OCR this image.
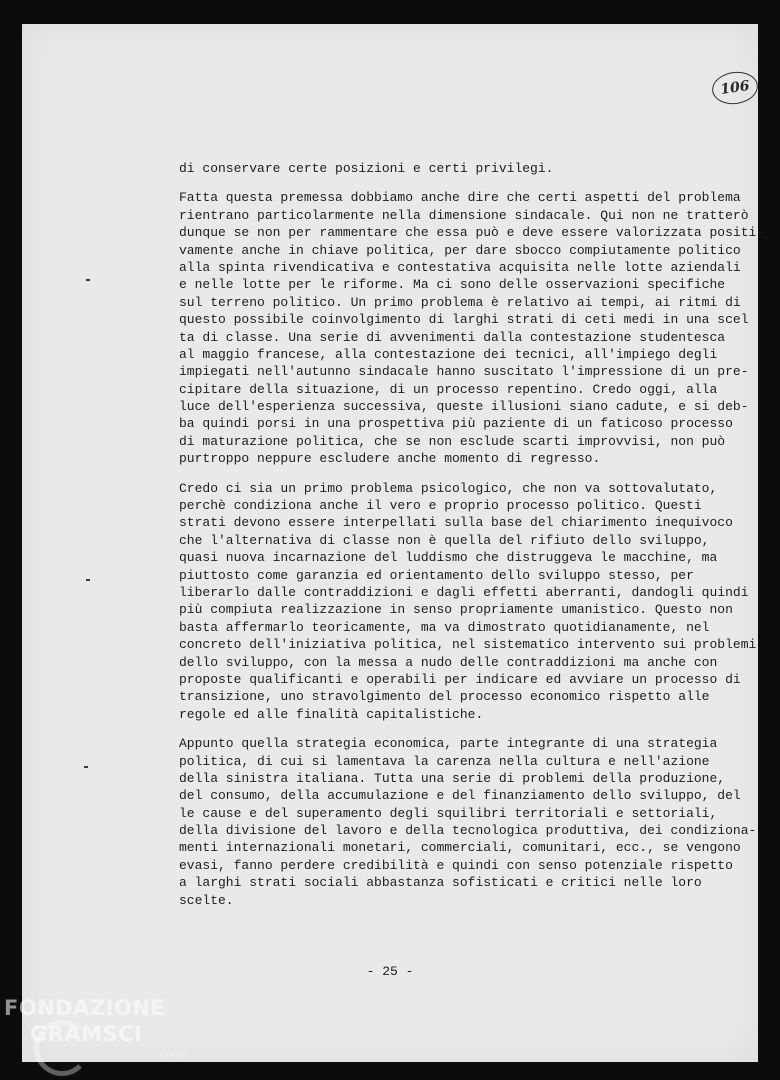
106
di conservare certe posizioni e certi privilegi.
Fatta questa premessa dobbiamo anche dire che certi aspetti del problema
rientrano particolarmente nella dimensione sindacale. Qui non ne tratterò
dunque se non per rammentare che essa può e deve essere valorizzata positi-
vamente anche in chiave politica, per dare sbocco compiutamente politico
alla spinta rivendicativa e contestativa acquisita nelle lotte aziendali
e nelle lotte per le riforme. Ma ci sono delle osservazioni specifiche
sul terreno politico. Un primo problema è relativo ai tempi, ai ritmi di
questo possibile coinvolgimento di larghi strati di ceti medi in una scel
ta di classe. Una serie di avvenimenti dalla contestazione studentesca
al maggio francese, alla contestazione dei tecnici, all'impiego degli
impiegati nell'autunno sindacale hanno suscitato l'impressione di un pre-
cipitare della situazione, di un processo repentino. Credo oggi, alla
luce dell'esperienza successiva, queste illusioni siano cadute, e si deb-
ba quindi porsi in una prospettiva più paziente di un faticoso processo
di maturazione politica, che se non esclude scarti improvvisi, non può
purtroppo neppure escludere anche momento di regresso.
Credo ci sia un primo problema psicologico, che non va sottovalutato,
perchè condiziona anche il vero e proprio processo politico. Questi
strati devono essere interpellati sulla base del chiarimento inequivoco
che l'alternativa di classe non è quella del rifiuto dello sviluppo,
quasi nuova incarnazione del luddismo che distruggeva le macchine, ma
piuttosto come garanzia ed orientamento dello sviluppo stesso, per
liberarlo dalle contraddizioni e dagli effetti aberranti, dandogli quindi
più compiuta realizzazione in senso propriamente umanistico. Questo non
basta affermarlo teoricamente, ma va dimostrato quotidianamente, nel
concreto dell'iniziativa politica, nel sistematico intervento sui problemi
dello sviluppo, con la messa a nudo delle contraddizioni ma anche con
proposte qualificanti e operabili per indicare ed avviare un processo di
transizione, uno stravolgimento del processo economico rispetto alle
regole ed alle finalità capitalistiche.
Appunto quella strategia economica, parte integrante di una strategia
politica, di cui si lamentava la carenza nella cultura e nell'azione
della sinistra italiana. Tutta una serie di problemi della produzione,
del consumo, della accumulazione e del finanziamento dello sviluppo, del
le cause e del superamento degli squilibri territoriali e settoriali,
della divisione del lavoro e della tecnologica produttiva, dei condiziona-
menti internazionali monetari, commerciali, comunitari, ecc., se vengono
evasi, fanno perdere credibilità e quindi con senso potenziale rispetto
a larghi strati sociali abbastanza sofisticati e critici nelle loro
scelte.
- 25 -
FONDAZIONE
GRAMSCI
onlus
